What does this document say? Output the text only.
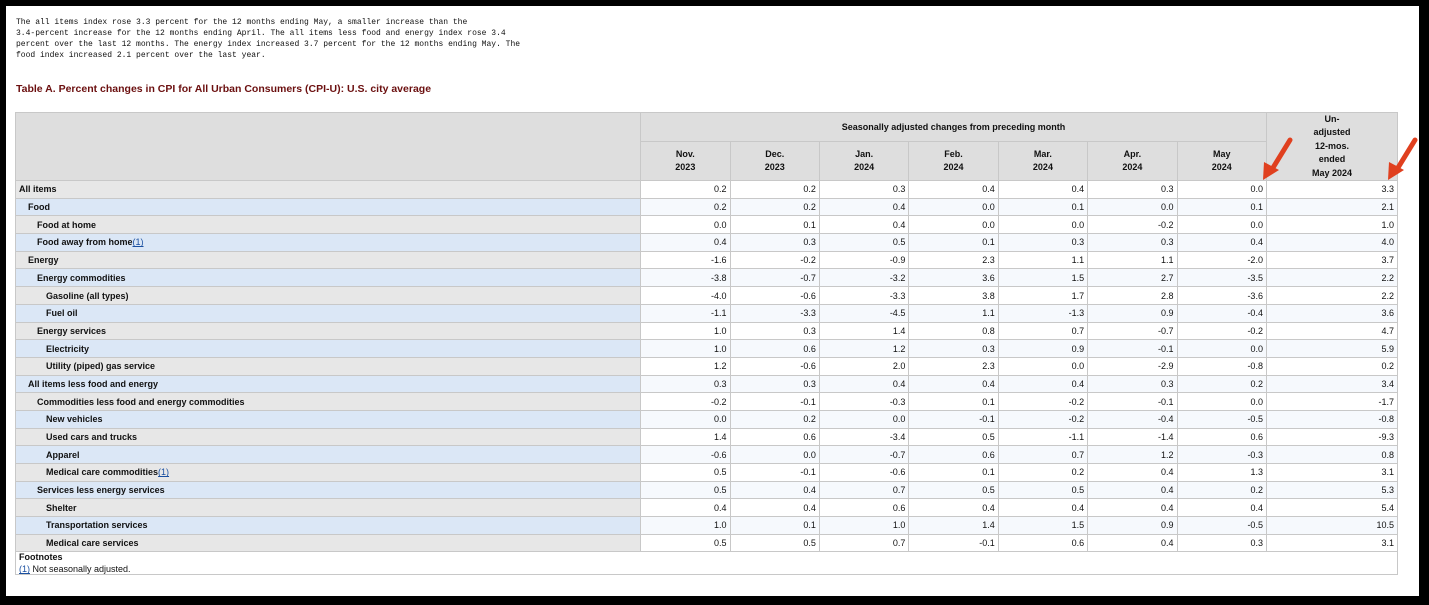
The all items index rose 3.3 percent for the 12 months ending May, a smaller increase than the
3.4-percent increase for the 12 months ending April. The all items less food and energy index rose 3.4
percent over the last 12 months. The energy index increased 3.7 percent for the 12 months ending May. The
food index increased 2.1 percent over the last year.
Table A. Percent changes in CPI for All Urban Consumers (CPI-U): U.S. city average
	Seasonally adjusted changes from preceding month							Un-
adjusted
12-mos.
ended
May 2024
	Nov.
2023	Dec.
2023	Jan.
2024	Feb.
2024	Mar.
2024	Apr.
2024	May
2024	
All items	0.2	0.2	0.3	0.4	0.4	0.3	0.0	3.3
Food	0.2	0.2	0.4	0.0	0.1	0.0	0.1	2.1
Food at home	0.0	0.1	0.4	0.0	0.0	-0.2	0.0	1.0
Food away from home(1)	0.4	0.3	0.5	0.1	0.3	0.3	0.4	4.0
Energy	-1.6	-0.2	-0.9	2.3	1.1	1.1	-2.0	3.7
Energy commodities	-3.8	-0.7	-3.2	3.6	1.5	2.7	-3.5	2.2
Gasoline (all types)	-4.0	-0.6	-3.3	3.8	1.7	2.8	-3.6	2.2
Fuel oil	-1.1	-3.3	-4.5	1.1	-1.3	0.9	-0.4	3.6
Energy services	1.0	0.3	1.4	0.8	0.7	-0.7	-0.2	4.7
Electricity	1.0	0.6	1.2	0.3	0.9	-0.1	0.0	5.9
Utility (piped) gas service	1.2	-0.6	2.0	2.3	0.0	-2.9	-0.8	0.2
All items less food and energy	0.3	0.3	0.4	0.4	0.4	0.3	0.2	3.4
Commodities less food and energy commodities	-0.2	-0.1	-0.3	0.1	-0.2	-0.1	0.0	-1.7
New vehicles	0.0	0.2	0.0	-0.1	-0.2	-0.4	-0.5	-0.8
Used cars and trucks	1.4	0.6	-3.4	0.5	-1.1	-1.4	0.6	-9.3
Apparel	-0.6	0.0	-0.7	0.6	0.7	1.2	-0.3	0.8
Medical care commodities(1)	0.5	-0.1	-0.6	0.1	0.2	0.4	1.3	3.1
Services less energy services	0.5	0.4	0.7	0.5	0.5	0.4	0.2	5.3
Shelter	0.4	0.4	0.6	0.4	0.4	0.4	0.4	5.4
Transportation services	1.0	0.1	1.0	1.4	1.5	0.9	-0.5	10.5
Medical care services	0.5	0.5	0.7	-0.1	0.6	0.4	0.3	3.1

Footnotes
(1) Not seasonally adjusted.								
